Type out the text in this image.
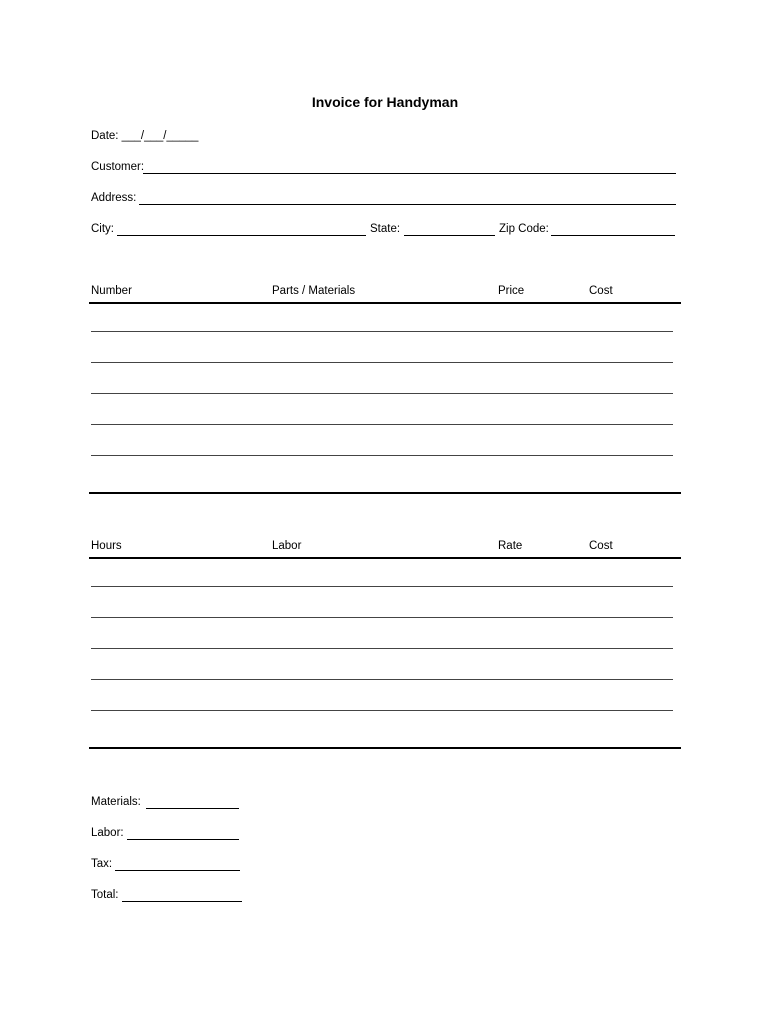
Invoice for Handyman
Date: ___/___/_____
Customer:
Address:
City:	State:	Zip Code:
Number	Parts / Materials	Price	Cost
Hours	Labor	Rate	Cost
Materials:
Labor:
Tax:
Total:
